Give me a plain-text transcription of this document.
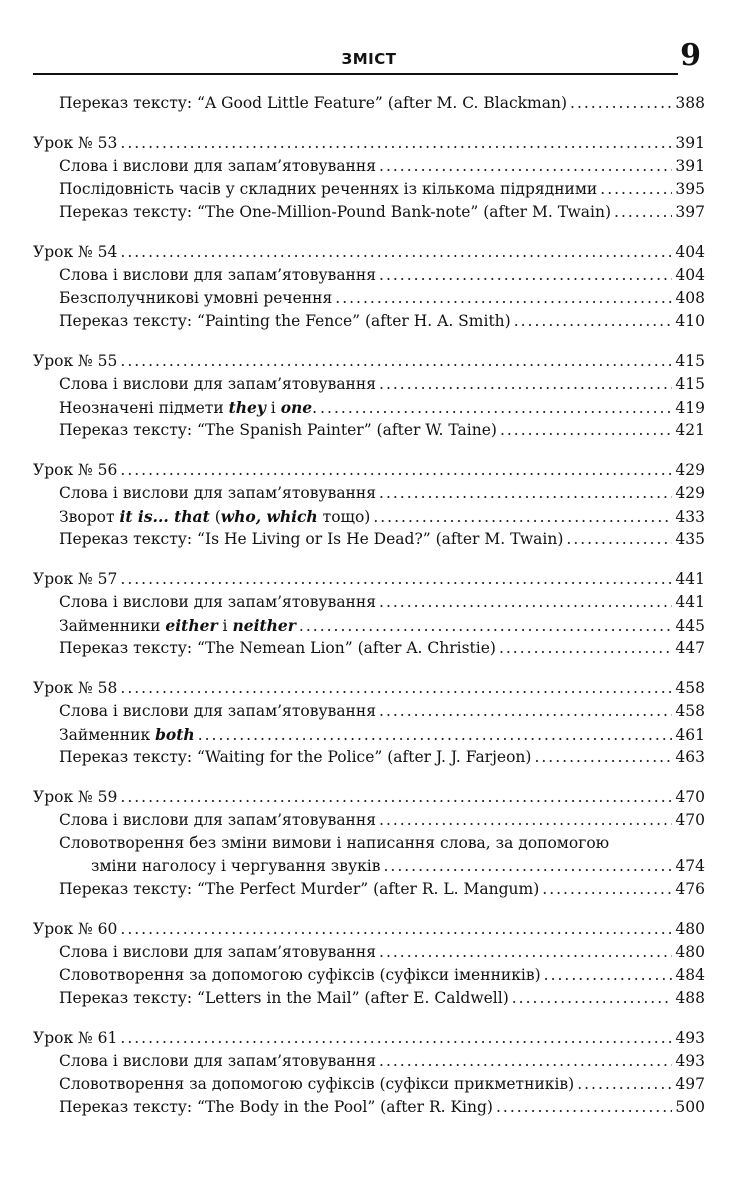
ЗМІСТ	9
Переказ тексту: “A Good Little Feature” (after M. C. Blackman) .....	388
Урок № 53 .....	391
Слова і вислови для запам’ятовування .....	391
Послідовність часів у складних реченнях із кількома підрядними .....	395
Переказ тексту: “The One-Million-Pound Bank-note” (after M. Twain) .....	397
Урок № 54 .....	404
Слова і вислови для запам’ятовування .....	404
Безсполучникові умовні речення .....	408
Переказ тексту: “Painting the Fence” (after H. A. Smith) .....	410
Урок № 55 .....	415
Слова і вислови для запам’ятовування .....	415
Неозначені підмети they і one. .....	419
Переказ тексту: “The Spanish Painter” (after W. Taine) .....	421
Урок № 56 .....	429
Слова і вислови для запам’ятовування .....	429
Зворот it is... that (who, which тощо) .....	433
Переказ тексту: “Is He Living or Is He Dead?” (after M. Twain) .....	435
Урок № 57 .....	441
Слова і вислови для запам’ятовування .....	441
Займенники either і neither .....	445
Переказ тексту: “The Nemean Lion” (after A. Christie) .....	447
Урок № 58 .....	458
Слова і вислови для запам’ятовування .....	458
Займенник both .....	461
Переказ тексту: “Waiting for the Police” (after J. J. Farjeon) .....	463
Урок № 59 .....	470
Слова і вислови для запам’ятовування .....	470
Словотворення без зміни вимови і написання слова, за допомогою
зміни наголосу і чергування звуків .....	474
Переказ тексту: “The Perfect Murder” (after R. L. Mangum) .....	476
Урок № 60 .....	480
Слова і вислови для запам’ятовування .....	480
Словотворення за допомогою суфіксів (суфікси іменників) .....	484
Переказ тексту: “Letters in the Mail” (after E. Caldwell) .....	488
Урок № 61 .....	493
Слова і вислови для запам’ятовування .....	493
Словотворення за допомогою суфіксів (суфікси прикметників) .....	497
Переказ тексту: “The Body in the Pool” (after R. King) .....	500
